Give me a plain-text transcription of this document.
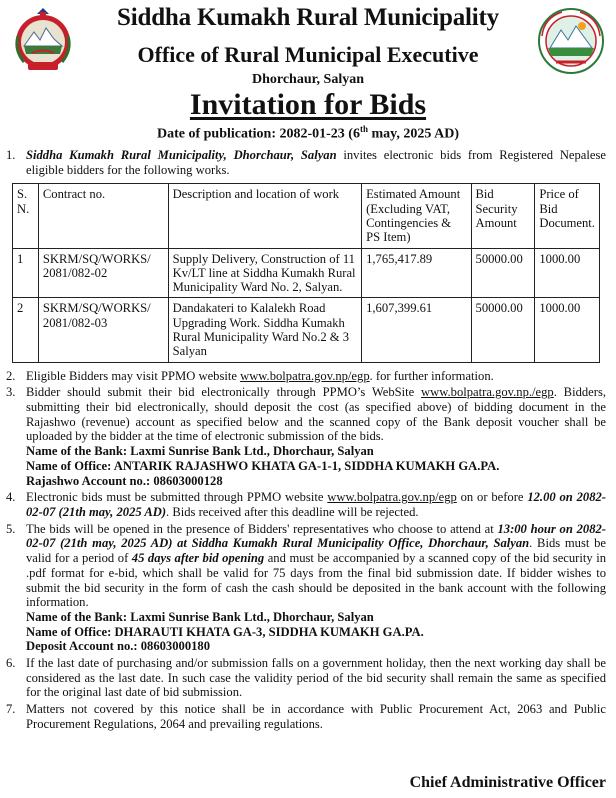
Siddha Kumakh Rural Municipality
Office of Rural Municipal Executive
Dhorchaur, Salyan
Invitation for Bids
Date of publication: 2082-01-23 (6th may, 2025 AD)
1. Siddha Kumakh Rural Municipality, Dhorchaur, Salyan invites electronic bids from Registered Nepalese eligible bidders for the following works.
S. N.	Contract no.	Description and location of work	Estimated Amount (Excluding VAT, Contingencies & PS Item)	Bid Security Amount	Price of Bid Document.
1	SKRM/SQ/WORKS/ 2081/082-02	Supply Delivery, Construction of 11 Kv/LT line at Siddha Kumakh Rural Municipality Ward No. 2, Salyan.	1,765,417.89	50000.00	1000.00
2	SKRM/SQ/WORKS/ 2081/082-03	Dandakateri to Kalalekh Road Upgrading Work. Siddha Kumakh Rural Municipality Ward No.2 & 3 Salyan	1,607,399.61	50000.00	1000.00
2. Eligible Bidders may visit PPMO website www.bolpatra.gov.np/egp. for further information.
3. Bidder should submit their bid electronically through PPMO’s WebSite www.bolpatra.gov.np./egp. Bidders, submitting their bid electronically, should deposit the cost (as specified above) of bidding document in the Rajashwo (revenue) account as specified below and the scanned copy of the Bank deposit voucher shall be uploaded by the bidder at the time of electronic submission of the bids.
Name of the Bank: Laxmi Sunrise Bank Ltd., Dhorchaur, Salyan
Name of Office: ANTARIK RAJASHWO KHATA GA-1-1, SIDDHA KUMAKH GA.PA.
Rajashwo Account no.: 08603000128
4. Electronic bids must be submitted through PPMO website www.bolpatra.gov.np/egp on or before 12.00 on 2082-02-07 (21th may, 2025 AD). Bids received after this deadline will be rejected.
5. The bids will be opened in the presence of Bidders' representatives who choose to attend at 13:00 hour on 2082-02-07 (21th may, 2025 AD) at Siddha Kumakh Rural Municipality Office, Dhorchaur, Salyan. Bids must be valid for a period of 45 days after bid opening and must be accompanied by a scanned copy of the bid security in .pdf format for e-bid, which shall be valid for 75 days from the final bid submission date. If bidder wishes to submit the bid security in the form of cash the cash should be deposited in the bank account with the following information.
Name of the Bank: Laxmi Sunrise Bank Ltd., Dhorchaur, Salyan
Name of Office: DHARAUTI KHATA GA-3, SIDDHA KUMAKH GA.PA.
Deposit Account no.: 08603000180
6. If the last date of purchasing and/or submission falls on a government holiday, then the next working day shall be considered as the last date. In such case the validity period of the bid security shall remain the same as specified for the original last date of bid submission.
7. Matters not covered by this notice shall be in accordance with Public Procurement Act, 2063 and Public Procurement Regulations, 2064 and prevailing regulations.
Chief Administrative Officer
